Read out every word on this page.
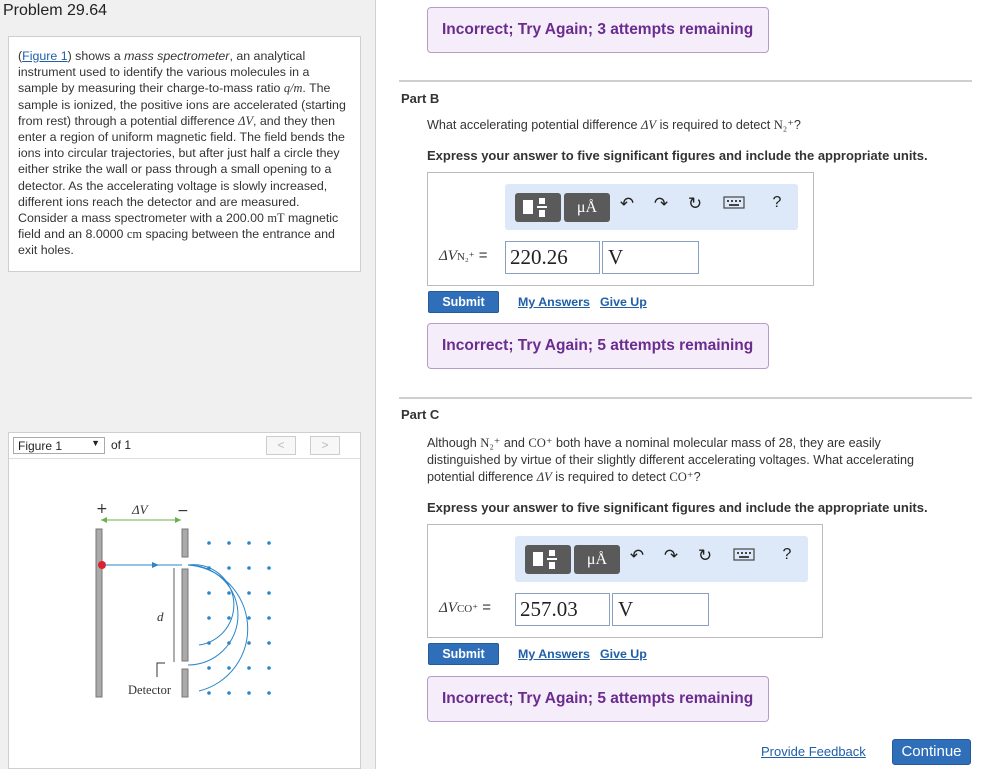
Problem 29.64
(Figure 1) shows a mass spectrometer, an analytical instrument used to identify the various molecules in a sample by measuring their charge-to-mass ratio q/m. The sample is ionized, the positive ions are accelerated (starting from rest) through a potential difference ΔV, and they then enter a region of uniform magnetic field. The field bends the ions into circular trajectories, but after just half a circle they either strike the wall or pass through a small opening to a detector. As the accelerating voltage is slowly increased, different ions reach the detector and are measured. Consider a mass spectrometer with a 200.00 mT magnetic field and an 8.0000 cm spacing between the entrance and exit holes.
Figure 1	▼ of 1	<	>
+	−
ΔV
d
Detector
Incorrect; Try Again; 3 attempts remaining
Part B
What accelerating potential difference ΔV is required to detect N₂⁺?
Express your answer to five significant figures and include the appropriate units.
μÅ	↶ ↷ ↻	?
ΔVN₂⁺ = 220.26	V
Submit	My Answers Give Up
Incorrect; Try Again; 5 attempts remaining
Part C
Although N₂⁺ and CO⁺ both have a nominal molecular mass of 28, they are easily distinguished by virtue of their slightly different accelerating voltages. What accelerating potential difference ΔV is required to detect CO⁺?
Express your answer to five significant figures and include the appropriate units.
μÅ	↶ ↷ ↻	?
ΔVCO⁺ = 257.03	V
Submit	My Answers Give Up
Incorrect; Try Again; 5 attempts remaining
Provide Feedback	Continue
